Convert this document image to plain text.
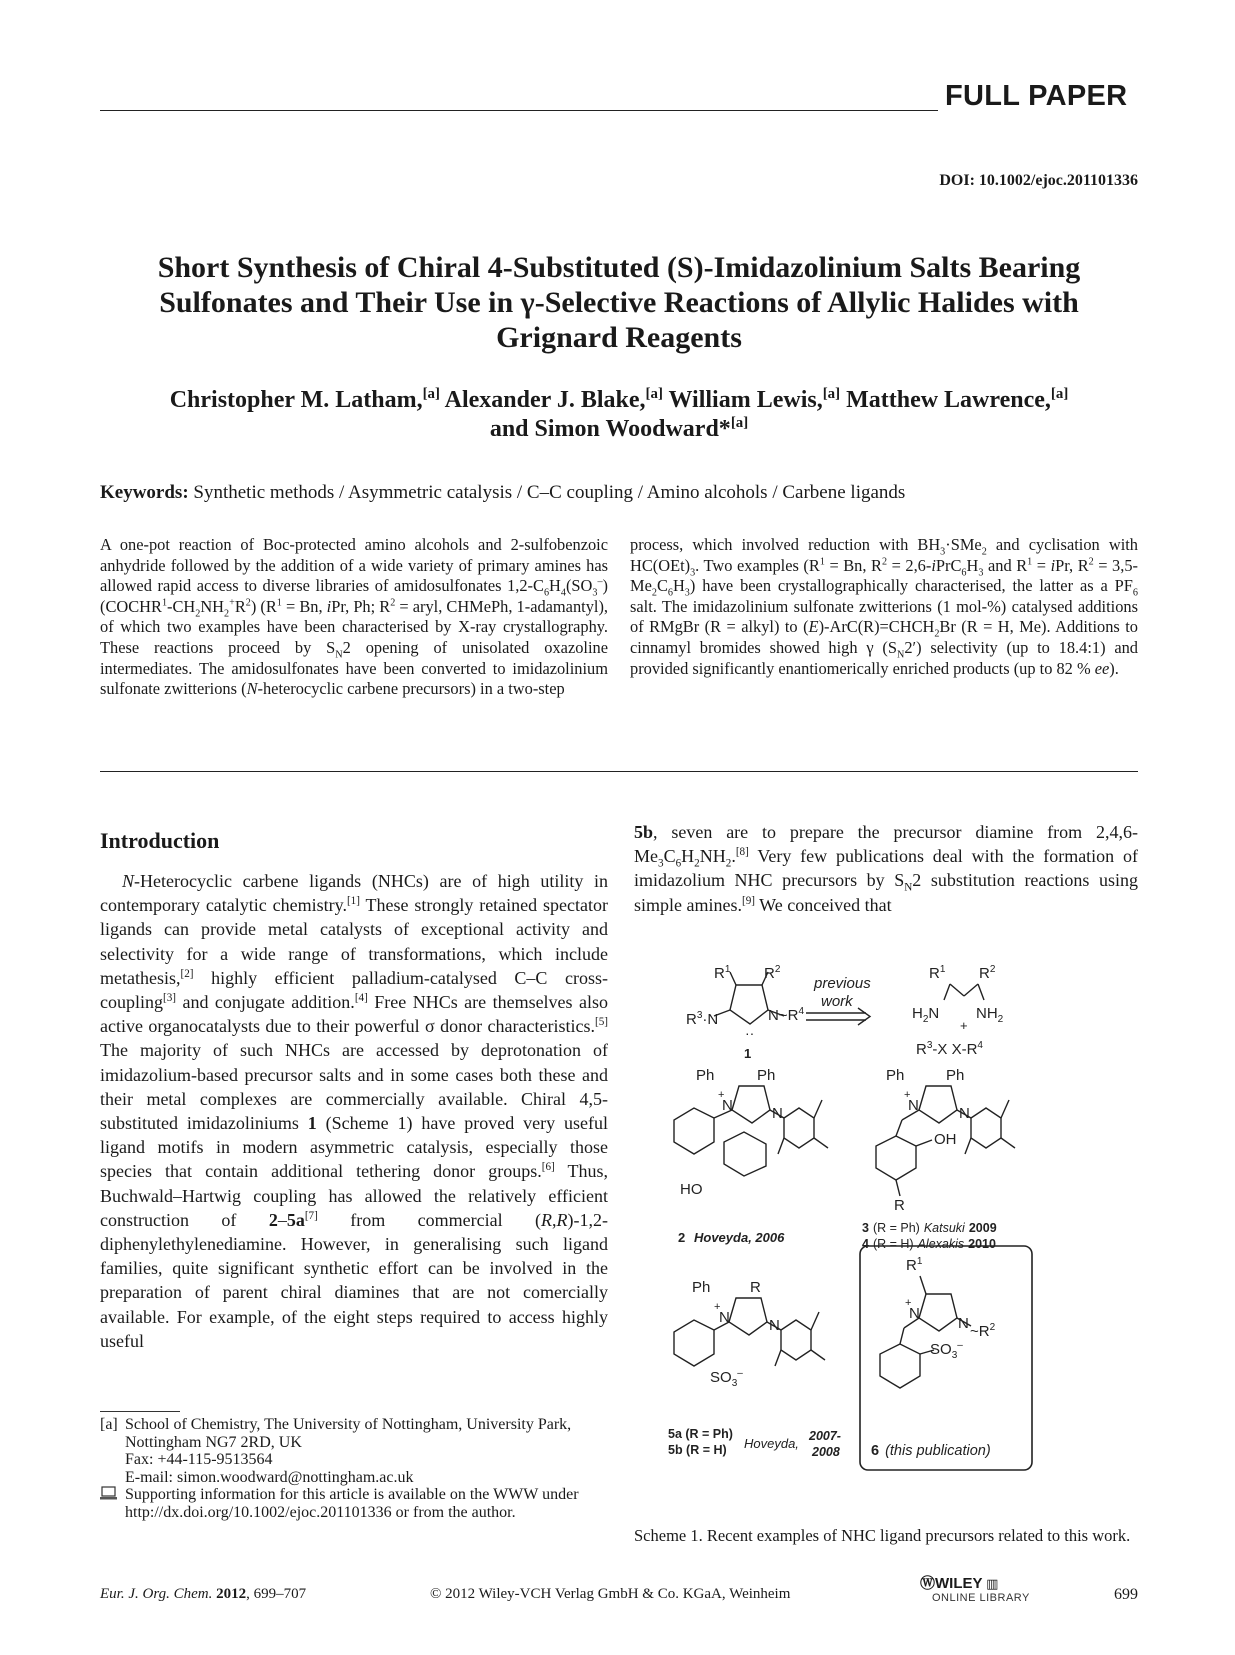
FULL PAPER
DOI: 10.1002/ejoc.201101336
Short Synthesis of Chiral 4-Substituted (S)-Imidazolinium Salts Bearing Sulfonates and Their Use in γ-Selective Reactions of Allylic Halides with Grignard Reagents
Christopher M. Latham,[a] Alexander J. Blake,[a] William Lewis,[a] Matthew Lawrence,[a]
and Simon Woodward*[a]
Keywords: Synthetic methods / Asymmetric catalysis / C–C coupling / Amino alcohols / Carbene ligands
A one-pot reaction of Boc-protected amino alcohols and 2-sulfobenzoic anhydride followed by the addition of a wide variety of primary amines has allowed rapid access to diverse libraries of amidosulfonates $1,2-C_6H_4(SO_3^-)(COCHR^1-CH_2NH_2^+R^2) (R^1 = Bn$, iPr, Ph; $R^2$ = aryl, CHMePh, 1-adamantyl), of which two examples have been characterised by X-ray crystallography. These reactions proceed by $S_N2$ opening of unisolated oxazoline intermediates. The amidosulfonates have been converted to imidazolinium sulfonate zwitterions (N-heterocyclic carbene precursors) in a two-step
process, which involved reduction with $BH_3\cdot SMe_2$ and cyclisation with $HC(OEt)_3$. Two examples ($R^1 = Bn$, $R^2$ = $2,6-iPrC_6H_3$ and $R^1$ = iPr, $R^2 = 3,5-Me_2C_6H_3$) have been crystallographically characterised, the latter as a $PF_6$ salt. The imidazolinium sulfonate zwitterions (1 mol-%) catalysed additions of RMgBr (R = alkyl) to $(E)-ArC(R)=CHCH_2Br$ (R = H, Me). Additions to cinnamyl bromides showed high γ $(S_N2')$ selectivity (up to 18.4:1) and provided significantly enantiomerically enriched products (up to 82 % ee).
Introduction

N-Heterocyclic carbene ligands (NHCs) are of high utility in contemporary catalytic chemistry.[1] These strongly retained spectator ligands can provide metal catalysts of exceptional activity and selectivity for a wide range of transformations, which include metathesis,[2] highly efficient palladium-catalysed C–C cross-coupling[3] and conjugate addition.[4] Free NHCs are themselves also active organocatalysts due to their powerful σ donor characteristics.[5] The majority of such NHCs are accessed by deprotonation of imidazolium-based precursor salts and in some cases both these and their metal complexes are commercially available. Chiral 4,5-substituted imidazoliniums 1 (Scheme 1) have proved very useful ligand motifs in modern asymmetric catalysis, especially those species that contain additional tethering donor groups.[6] Thus, Buchwald–Hartwig coupling has allowed the relatively efficient construction of 2–5a[7] from commercial (R,R)-1,2-diphenylethylenediamine. However, in generalising such ligand families, quite significant synthetic effort can be involved in the preparation of parent chiral diamines that are not comercially available. For example, of the eight steps required to access highly useful

5b, seven are to prepare the precursor diamine from $2,4,6-Me_3C_6H_2NH_2.[8]$ Very few publications deal with the formation of imidazolium NHC precursors by $S_N2$ substitution reactions using simple amines.[9] We conceived that

$R^1$ $R^2$
$R^3\cdot N$	$N\sim R^4$
··
1
previous
work
$R^1$ $R^2$
$H_2N$ $NH_2$
+
$R^3-X$ $X-R^4$
Ph	Ph
N
+
N
HO
2 Hoveyda, 2006
Ph	Ph
N
+
N
OH
R
3 (R = Ph) Katsuki 2009
4 (R = H) Alexakis 2010
Ph	R
N
+
N
$SO_3^-$
5a (R = Ph)
5b (R = H) Hoveyda, 2007-
2008
$R^1$
N
+
N $\sim R^2$
$SO_3^-$
6 (this publication)
Scheme 1. Recent examples of NHC ligand precursors related to this work.
[a] School of Chemistry, The University of Nottingham, University Park,
Nottingham NG7 2RD, UK
Fax: +44-115-9513564
E-mail: simon.woodward@nottingham.ac.uk
Supporting information for this article is available on the WWW under http://dx.doi.org/10.1002/ejoc.201101336 or from the author.
Eur. J. Org. Chem. 2012, 699–707	© 2012 Wiley-VCH Verlag GmbH & Co. KGaA, Weinheim
ⓌWILEY ▥
ONLINE LIBRARY	699
